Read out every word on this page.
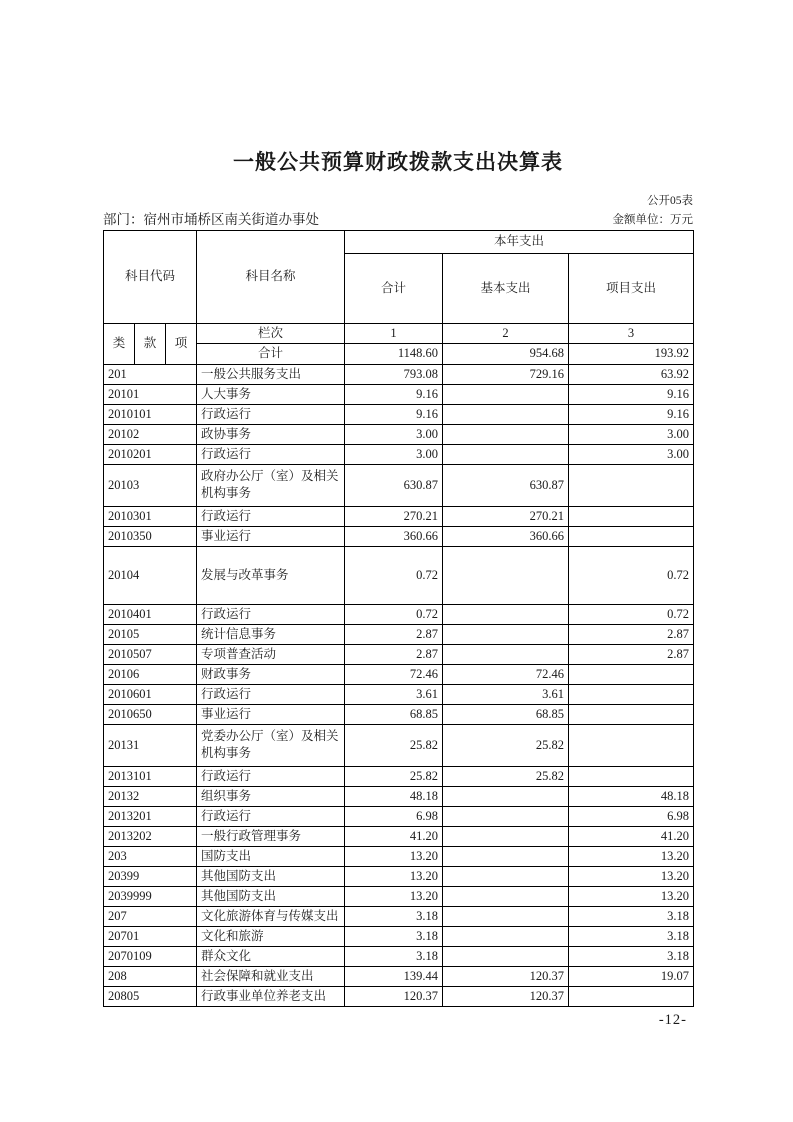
一般公共预算财政拨款支出决算表
公开05表
部门：宿州市埇桥区南关街道办事处	金额单位：万元
科目代码			科目名称	本年支出		
				合计	基本支出	项目支出
类	款	项	栏次	1	2	3
			合计	1148.60	954.68	193.92
201			一般公共服务支出	793.08	729.16	63.92
20101			人大事务	9.16		9.16
2010101			行政运行	9.16		9.16
20102			政协事务	3.00		3.00
2010201			行政运行	3.00		3.00
20103			政府办公厅（室）及相关机构事务	630.87	630.87	
2010301			行政运行	270.21	270.21	
2010350			事业运行	360.66	360.66	
20104			发展与改革事务	0.72		0.72
2010401			行政运行	0.72		0.72
20105			统计信息事务	2.87		2.87
2010507			专项普查活动	2.87		2.87
20106			财政事务	72.46	72.46	
2010601			行政运行	3.61	3.61	
2010650			事业运行	68.85	68.85	
20131			党委办公厅（室）及相关机构事务	25.82	25.82	
2013101			行政运行	25.82	25.82	
20132			组织事务	48.18		48.18
2013201			行政运行	6.98		6.98
2013202			一般行政管理事务	41.20		41.20
203			国防支出	13.20		13.20
20399			其他国防支出	13.20		13.20
2039999			其他国防支出	13.20		13.20
207			文化旅游体育与传媒支出	3.18		3.18
20701			文化和旅游	3.18		3.18
2070109			群众文化	3.18		3.18
208			社会保障和就业支出	139.44	120.37	19.07
20805			行政事业单位养老支出	120.37	120.37	
-12-
